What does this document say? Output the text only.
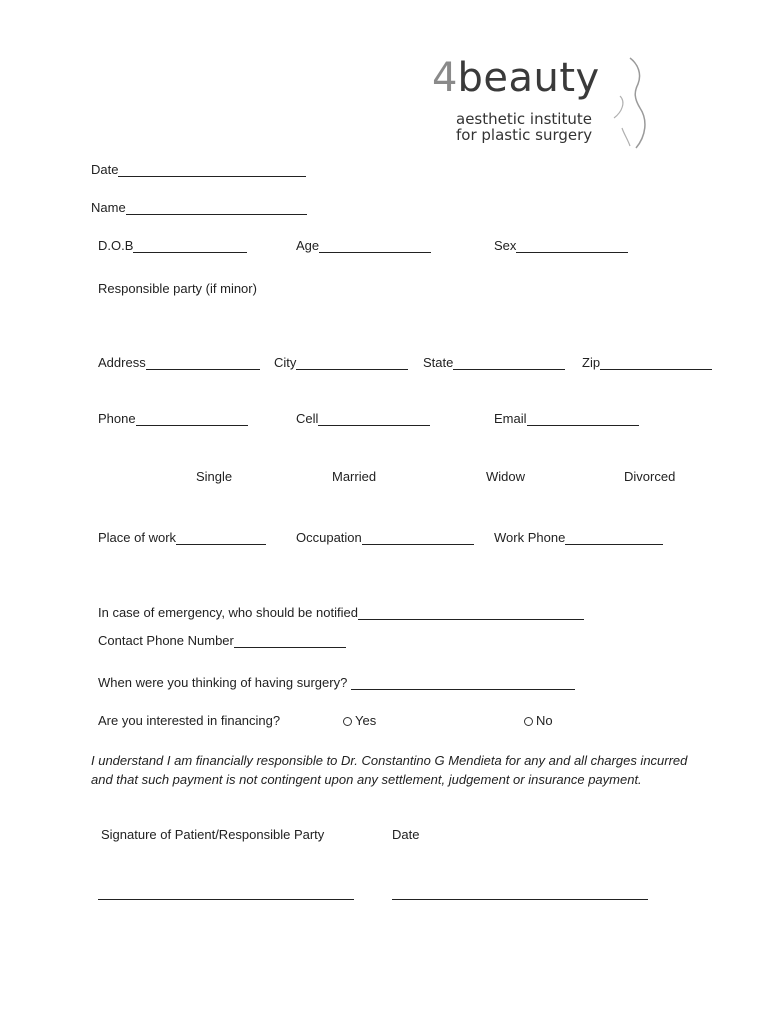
4beauty
aesthetic institute
for plastic surgery
Date
Name
D.O.B	Age	Sex
Responsible party (if minor)
Address	City	State	Zip
Phone	Cell	Email
Single	Married	Widow	Divorced
Place of work	Occupation	Work Phone
In case of emergency, who should be notified
Contact Phone Number
When were you thinking of having surgery?
Are you interested in financing?	Yes	No
I understand I am financially responsible to Dr. Constantino G Mendieta for any and all charges incurred and that such payment is not contingent upon any settlement, judgement or insurance payment.
Signature of Patient/Responsible Party	Date
